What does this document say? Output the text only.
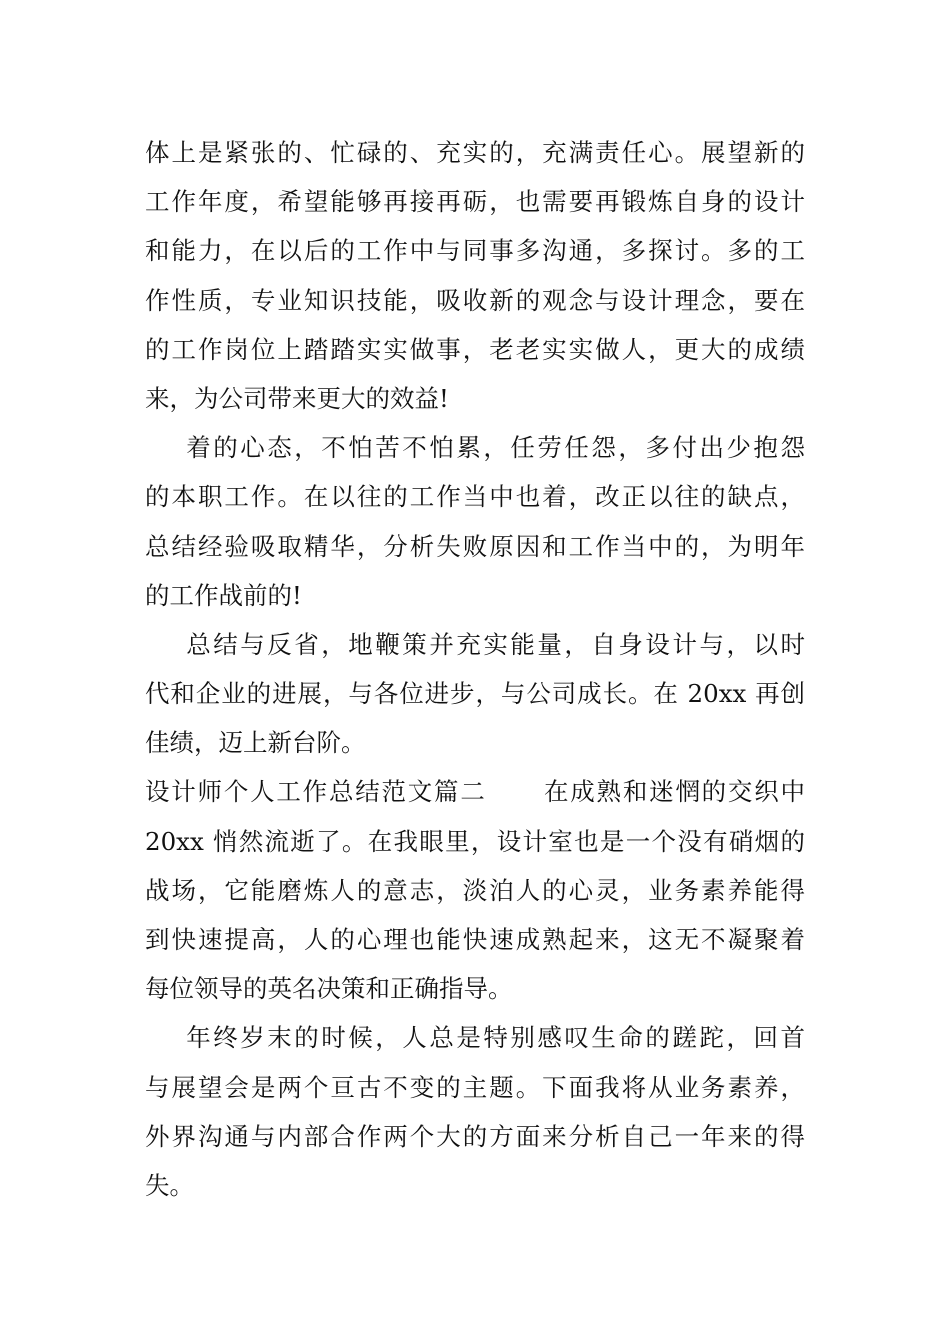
体上是紧张的、忙碌的、充实的，充满责任心。展望新的
工作年度，希望能够再接再砺，也需要再锻炼自身的设计
和能力，在以后的工作中与同事多沟通，多探讨。多的工
作性质，专业知识技能，吸收新的观念与设计理念，要在
的工作岗位上踏踏实实做事，老老实实做人，更大的成绩
来，为公司带来更大的效益!
着的心态，不怕苦不怕累，任劳任怨，多付出少抱怨
的本职工作。在以往的工作当中也着，改正以往的缺点，
总结经验吸取精华，分析失败原因和工作当中的，为明年
的工作战前的!
总结与反省，地鞭策并充实能量，自身设计与，以时
代和企业的进展，与各位进步，与公司成长。在 20xx 再创
佳绩，迈上新台阶。
设计师个人工作总结范文篇二      在成熟和迷惘的交织中
20xx 悄然流逝了。在我眼里，设计室也是一个没有硝烟的
战场，它能磨炼人的意志，淡泊人的心灵，业务素养能得
到快速提高，人的心理也能快速成熟起来，这无不凝聚着
每位领导的英名决策和正确指导。
年终岁末的时候，人总是特别感叹生命的蹉跎，回首
与展望会是两个亘古不变的主题。下面我将从业务素养，
外界沟通与内部合作两个大的方面来分析自己一年来的得
失。
